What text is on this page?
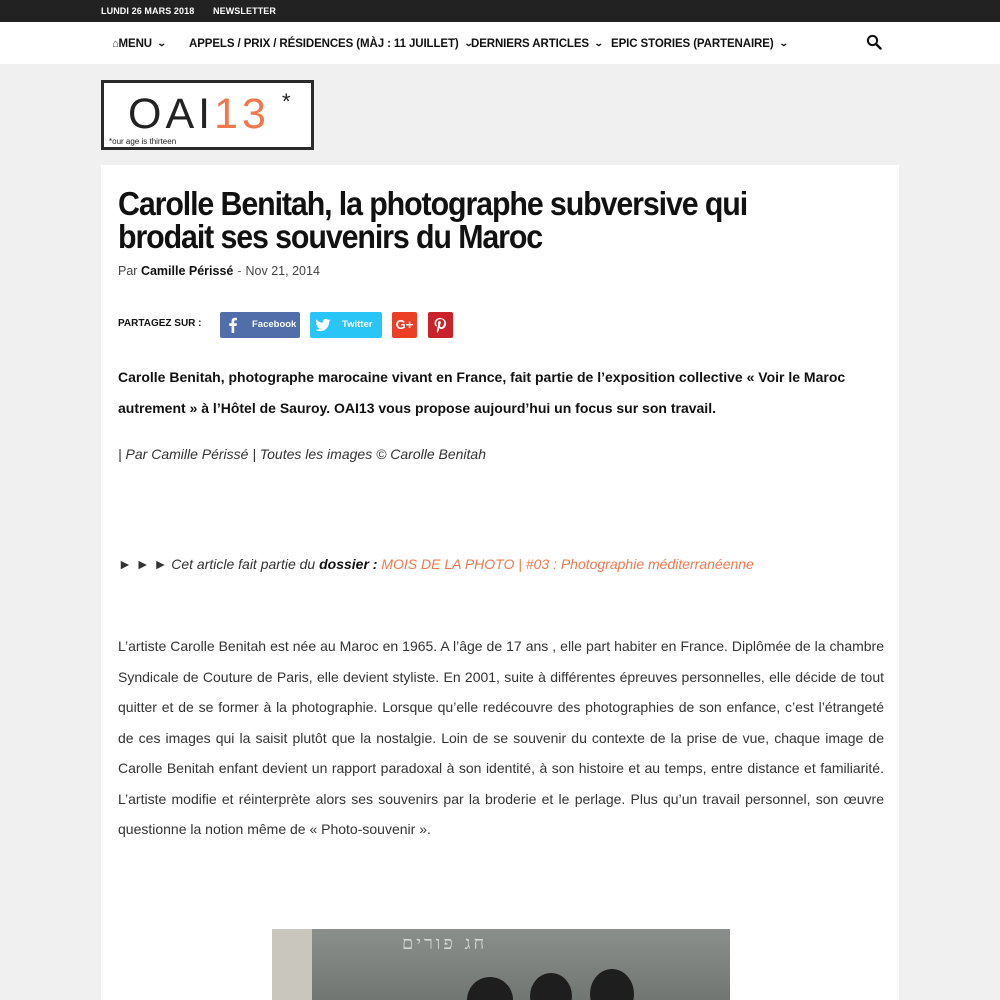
LUNDI 26 MARS 2018 NEWSLETTER
⌂MENU ⌄ APPELS / PRIX / RÉSIDENCES (MÀJ : 11 JUILLET) ⌄
DERNIERS ARTICLES ⌄ EPIC STORIES (PARTENAIRE) ⌄
OAI13 *
*our age is thirteen
Carolle Benitah, la photographe subversive qui brodait ses souvenirs du Maroc
Par Camille Périssé - Nov 21, 2014
PARTAGEZ SUR :	Facebook	Twitter G+

Carolle Benitah, photographe marocaine vivant en France, fait partie de l’exposition collective « Voir le Maroc autrement » à l’Hôtel de Sauroy. OAI13 vous propose aujourd’hui un focus sur son travail.

| Par Camille Périssé | Toutes les images © Carolle Benitah

► ► ► Cet article fait partie du dossier : MOIS DE LA PHOTO | #03 : Photographie méditerranéenne

L’artiste Carolle Benitah est née au Maroc en 1965. A l’âge de 17 ans , elle part habiter en France. Diplômée de la chambre Syndicale de Couture de Paris, elle devient styliste. En 2001, suite à différentes épreuves personnelles, elle décide de tout quitter et de se former à la photographie. Lorsque qu’elle redécouvre des photographies de son enfance, c’est l’étrangeté de ces images qui la saisit plutôt que la nostalgie. Loin de se souvenir du contexte de la prise de vue, chaque image de Carolle Benitah enfant devient un rapport paradoxal à son identité, à son histoire et au temps, entre distance et familiarité. L’artiste modifie et réinterprète alors ses souvenirs par la broderie et le perlage. Plus qu’un travail personnel, son œuvre questionne la notion même de « Photo-souvenir ».

חג פורים
